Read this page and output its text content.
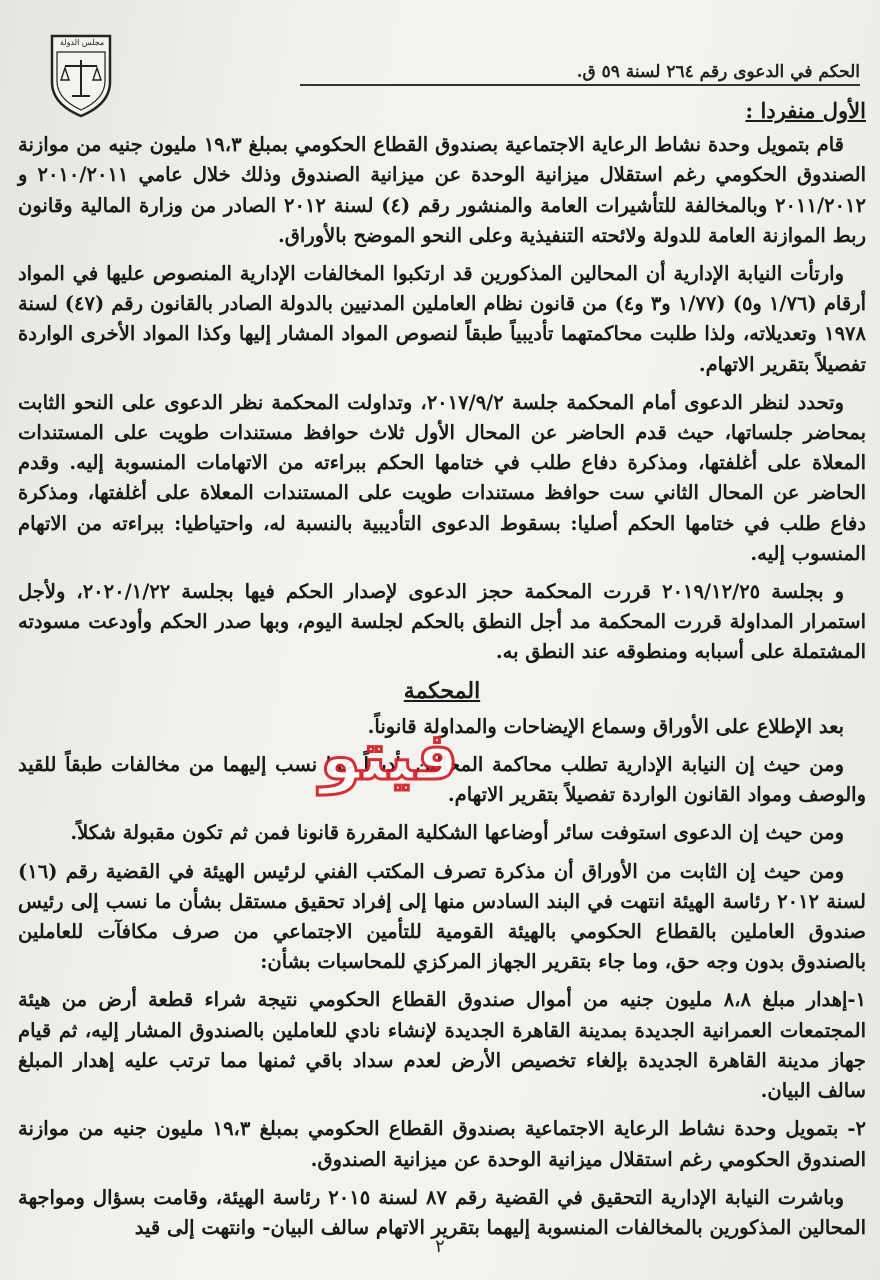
مجلس الدولة
الحكم في الدعوى رقم ٢٦٤ لسنة ٥٩ ق.
الأول منفردا :

قام بتمويل وحدة نشاط الرعاية الاجتماعية بصندوق القطاع الحكومي بمبلغ ١٩،٣ مليون جنيه من موازنة الصندوق الحكومي رغم استقلال ميزانية الوحدة عن ميزانية الصندوق وذلك خلال عامي ٢٠١٠/٢٠١١ و ٢٠١١/٢٠١٢ وبالمخالفة للتأشيرات العامة والمنشور رقم (٤) لسنة ٢٠١٢ الصادر من وزارة المالية وقانون ربط الموازنة العامة للدولة ولائحته التنفيذية وعلى النحو الموضح بالأوراق.

وارتأت النيابة الإدارية أن المحالين المذكورين قد ارتكبوا المخالفات الإدارية المنصوص عليها في المواد أرقام (١/٧٦ و٥) (١/٧٧ و٣ و٤) من قانون نظام العاملين المدنيين بالدولة الصادر بالقانون رقم (٤٧) لسنة ١٩٧٨ وتعديلاته، ولذا طلبت محاكمتهما تأديبياً طبقاً لنصوص المواد المشار إليها وكذا المواد الأخرى الواردة تفصيلاً بتقرير الاتهام.

وتحدد لنظر الدعوى أمام المحكمة جلسة ٢٠١٧/٩/٢، وتداولت المحكمة نظر الدعوى على النحو الثابت بمحاضر جلساتها، حيث قدم الحاضر عن المحال الأول ثلاث حوافظ مستندات طويت على المستندات المعلاة على أغلفتها، ومذكرة دفاع طلب في ختامها الحكم ببراءته من الاتهامات المنسوبة إليه. وقدم الحاضر عن المحال الثاني ست حوافظ مستندات طويت على المستندات المعلاة على أغلفتها، ومذكرة دفاع طلب في ختامها الحكم أصليا: بسقوط الدعوى التأديبية بالنسبة له، واحتياطيا: ببراءته من الاتهام المنسوب إليه.

و بجلسة ٢٠١٩/١٢/٢٥ قررت المحكمة حجز الدعوى لإصدار الحكم فيها بجلسة ٢٠٢٠/١/٢٢، ولأجل استمرار المداولة قررت المحكمة مد أجل النطق بالحكم لجلسة اليوم، وبها صدر الحكم وأودعت مسودته المشتملة على أسبابه ومنطوقه عند النطق به.

المحكمة

بعد الإطلاع على الأوراق وسماع الإيضاحات والمداولة قانوناً.

ومن حيث إن النيابة الإدارية تطلب محاكمة المحالين تأديبياً عما نسب إليهما من مخالفات طبقاً للقيد والوصف ومواد القانون الواردة تفصيلاً بتقرير الاتهام.

ومن حيث إن الدعوى استوفت سائر أوضاعها الشكلية المقررة قانونا فمن ثم تكون مقبولة شكلاً.

ومن حيث إن الثابت من الأوراق أن مذكرة تصرف المكتب الفني لرئيس الهيئة في القضية رقم (١٦) لسنة ٢٠١٢ رئاسة الهيئة انتهت في البند السادس منها إلى إفراد تحقيق مستقل بشأن ما نسب إلى رئيس صندوق العاملين بالقطاع الحكومي بالهيئة القومية للتأمين الاجتماعي من صرف مكافآت للعاملين بالصندوق بدون وجه حق، وما جاء بتقرير الجهاز المركزي للمحاسبات بشأن:

١-إهدار مبلغ ٨،٨ مليون جنيه من أموال صندوق القطاع الحكومي نتيجة شراء قطعة أرض من هيئة المجتمعات العمرانية الجديدة بمدينة القاهرة الجديدة لإنشاء نادي للعاملين بالصندوق المشار إليه، ثم قيام جهاز مدينة القاهرة الجديدة بإلغاء تخصيص الأرض لعدم سداد باقي ثمنها مما ترتب عليه إهدار المبلغ سالف البيان.

٢- بتمويل وحدة نشاط الرعاية الاجتماعية بصندوق القطاع الحكومي بمبلغ ١٩،٣ مليون جنيه من موازنة الصندوق الحكومي رغم استقلال ميزانية الوحدة عن ميزانية الصندوق.

وباشرت النيابة الإدارية التحقيق في القضية رقم ٨٧ لسنة ٢٠١٥ رئاسة الهيئة، وقامت بسؤال ومواجهة المحالين المذكورين بالمخالفات المنسوبة إليهما بتقرير الاتهام سالف البيان- وانتهت إلى قيد

فيتو
٢
